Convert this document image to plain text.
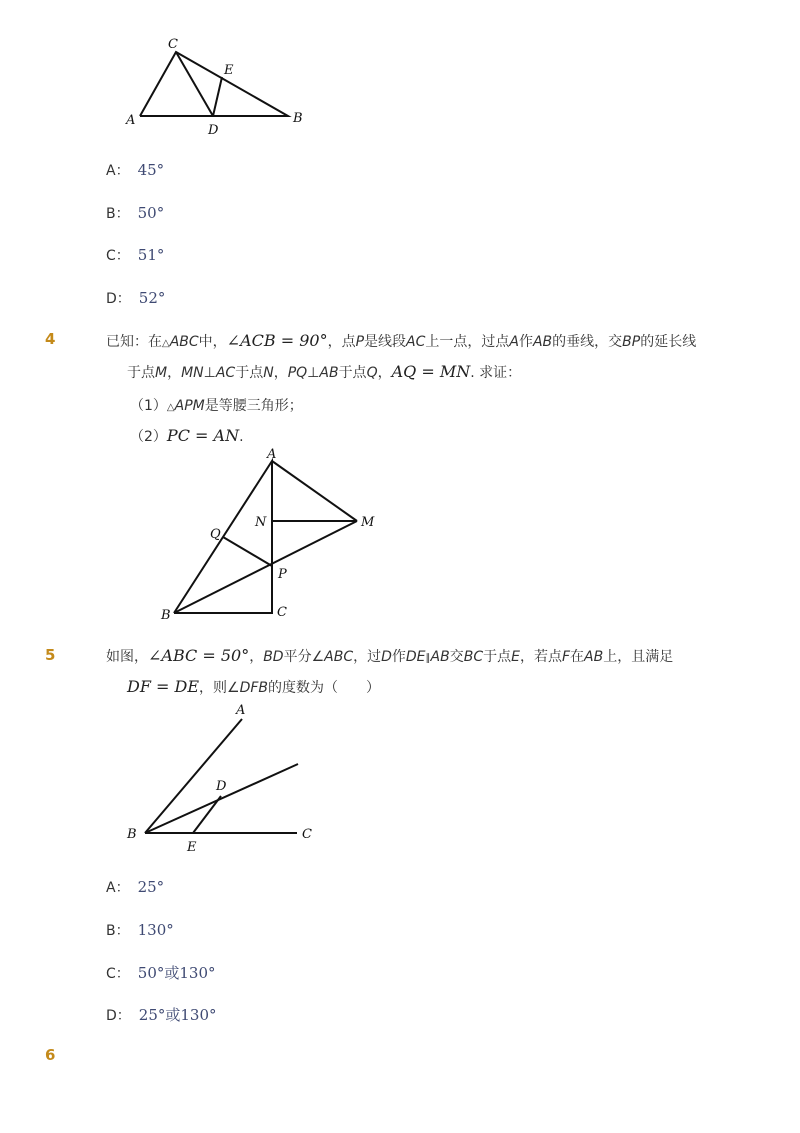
C
E
A
D
B
A： 45°
B： 50°
C： 51°
D： 52°
4	已知：在△ABC中，∠ACB = 90°，点P是线段AC上一点，过点A作AB的垂线，交BP的延长线
于点M，MN⊥AC于点N，PQ⊥AB于点Q，AQ = MN. 求证：
（1）△APM是等腰三角形；
（2）PC = AN.
A
N	M
Q
P
B	C
5	如图，∠ABC = 50°，BD平分∠ABC，过D作DE∥AB交BC于点E，若点F在AB上，且满足
DF = DE，则∠DFB的度数为（　　）
A
D
B
E
C
A： 25°
B： 130°
C： 50°或130°
D： 25°或130°
6
